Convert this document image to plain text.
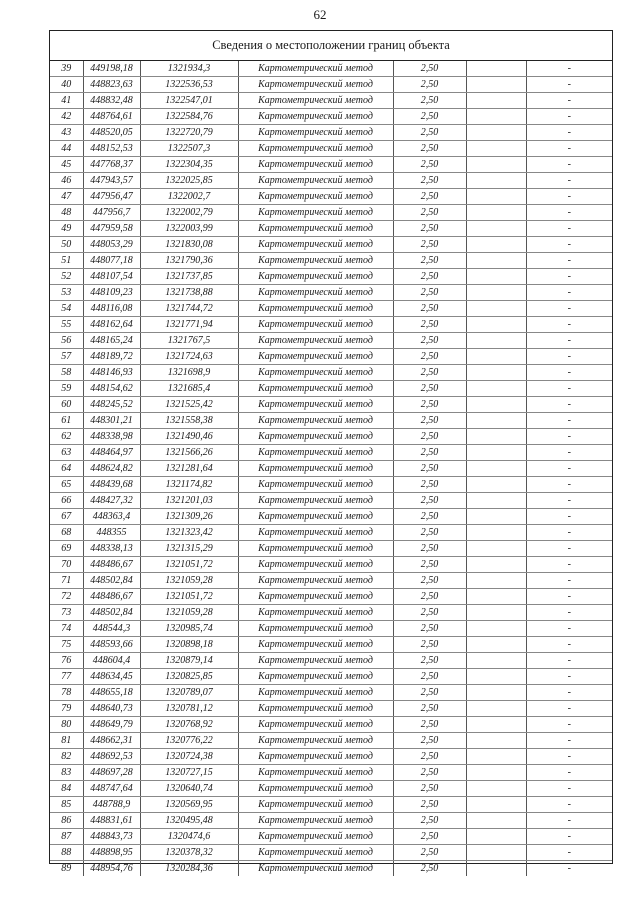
62
Сведения о местоположении границ объекта
39	449198,18	1321934,3	Картометрический метод	2,50		-
40	448823,63	1322536,53	Картометрический метод	2,50		-
41	448832,48	1322547,01	Картометрический метод	2,50		-
42	448764,61	1322584,76	Картометрический метод	2,50		-
43	448520,05	1322720,79	Картометрический метод	2,50		-
44	448152,53	1322507,3	Картометрический метод	2,50		-
45	447768,37	1322304,35	Картометрический метод	2,50		-
46	447943,57	1322025,85	Картометрический метод	2,50		-
47	447956,47	1322002,7	Картометрический метод	2,50		-
48	447956,7	1322002,79	Картометрический метод	2,50		-
49	447959,58	1322003,99	Картометрический метод	2,50		-
50	448053,29	1321830,08	Картометрический метод	2,50		-
51	448077,18	1321790,36	Картометрический метод	2,50		-
52	448107,54	1321737,85	Картометрический метод	2,50		-
53	448109,23	1321738,88	Картометрический метод	2,50		-
54	448116,08	1321744,72	Картометрический метод	2,50		-
55	448162,64	1321771,94	Картометрический метод	2,50		-
56	448165,24	1321767,5	Картометрический метод	2,50		-
57	448189,72	1321724,63	Картометрический метод	2,50		-
58	448146,93	1321698,9	Картометрический метод	2,50		-
59	448154,62	1321685,4	Картометрический метод	2,50		-
60	448245,52	1321525,42	Картометрический метод	2,50		-
61	448301,21	1321558,38	Картометрический метод	2,50		-
62	448338,98	1321490,46	Картометрический метод	2,50		-
63	448464,97	1321566,26	Картометрический метод	2,50		-
64	448624,82	1321281,64	Картометрический метод	2,50		-
65	448439,68	1321174,82	Картометрический метод	2,50		-
66	448427,32	1321201,03	Картометрический метод	2,50		-
67	448363,4	1321309,26	Картометрический метод	2,50		-
68	448355	1321323,42	Картометрический метод	2,50		-
69	448338,13	1321315,29	Картометрический метод	2,50		-
70	448486,67	1321051,72	Картометрический метод	2,50		-
71	448502,84	1321059,28	Картометрический метод	2,50		-
72	448486,67	1321051,72	Картометрический метод	2,50		-
73	448502,84	1321059,28	Картометрический метод	2,50		-
74	448544,3	1320985,74	Картометрический метод	2,50		-
75	448593,66	1320898,18	Картометрический метод	2,50		-
76	448604,4	1320879,14	Картометрический метод	2,50		-
77	448634,45	1320825,85	Картометрический метод	2,50		-
78	448655,18	1320789,07	Картометрический метод	2,50		-
79	448640,73	1320781,12	Картометрический метод	2,50		-
80	448649,79	1320768,92	Картометрический метод	2,50		-
81	448662,31	1320776,22	Картометрический метод	2,50		-
82	448692,53	1320724,38	Картометрический метод	2,50		-
83	448697,28	1320727,15	Картометрический метод	2,50		-
84	448747,64	1320640,74	Картометрический метод	2,50		-
85	448788,9	1320569,95	Картометрический метод	2,50		-
86	448831,61	1320495,48	Картометрический метод	2,50		-
87	448843,73	1320474,6	Картометрический метод	2,50		-
88	448898,95	1320378,32	Картометрический метод	2,50		-
89	448954,76	1320284,36	Картометрический метод	2,50		-
